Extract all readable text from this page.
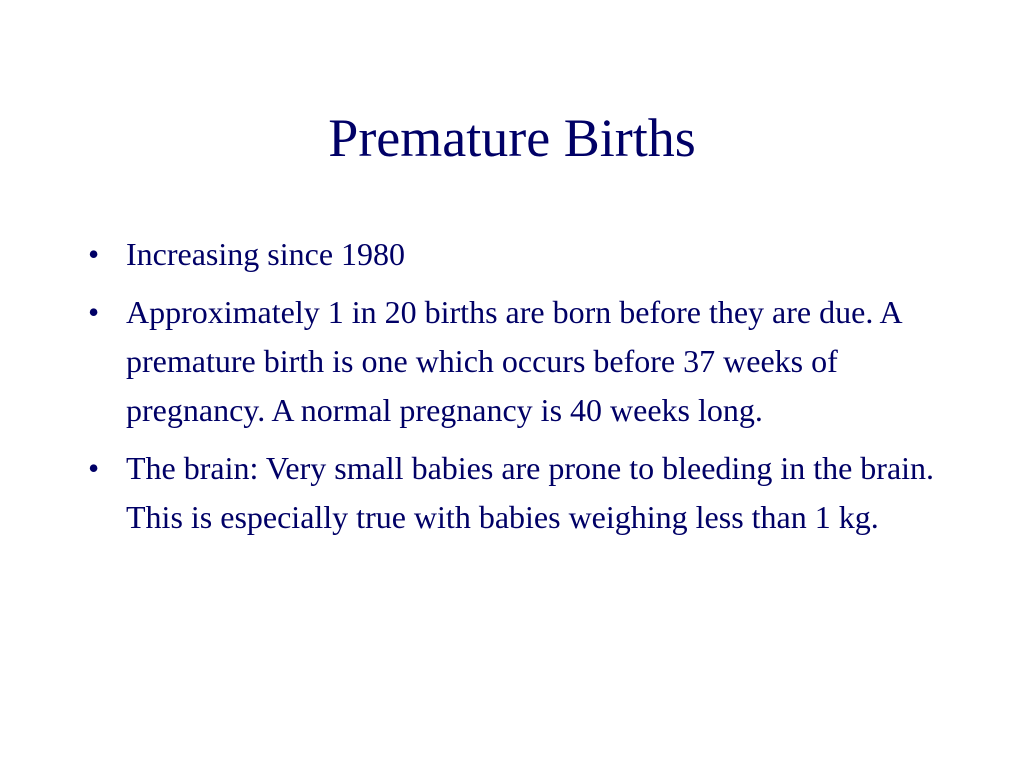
Premature Births
• Increasing since 1980
• Approximately 1 in 20 births are born before they are due. A premature birth is one which occurs before 37 weeks of pregnancy. A normal pregnancy is 40 weeks long.
• The brain: Very small babies are prone to bleeding in the brain. This is especially true with babies weighing less than 1 kg.
